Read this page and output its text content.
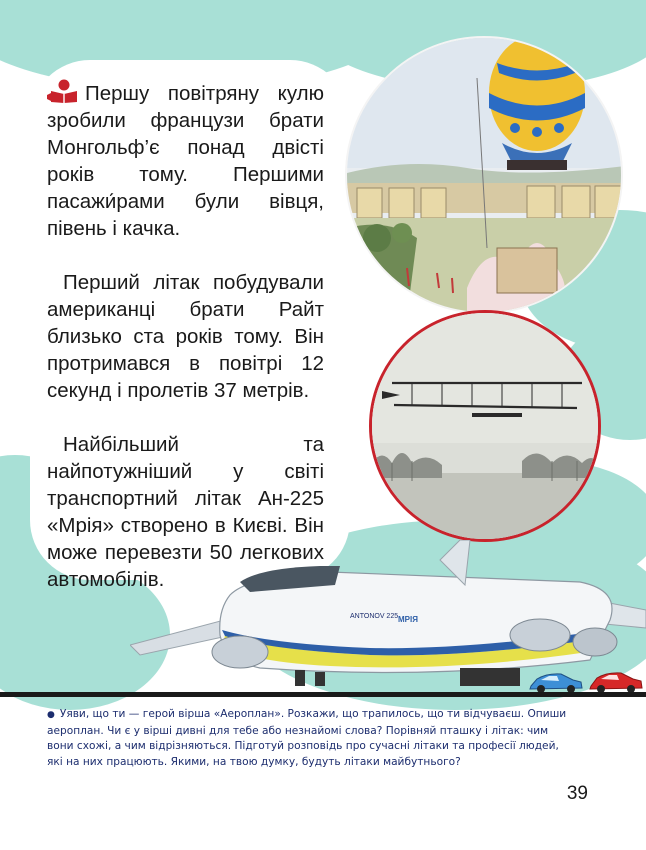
Першу повітряну кулю зробили французи брати Монгольф’є понад двісті років тому. Першими пасажи́рами були вівця, півень і качка.

Перший літак побудували американці брати Райт близько ста років тому. Він протримався в повітрі 12 секунд і пролетів 37 метрів.

Найбільший та найпотужніший у світі транспортний літак Ан-225 «Мрія» створено в Києві. Він може перевезти 50 легкових автомобілів.

ANTONOV 225 МРІЯ
● Уяви, що ти — герой вірша «Аероплан». Розкажи, що трапилось, що ти відчуваєш. Опиши аероплан. Чи є у вірші дивні для тебе або незнайомі слова? Порівняй пташку і літак: чим вони схожі, а чим відрізняються. Підготуй розповідь про сучасні літаки та професії людей, які на них працюють. Якими, на твою думку, будуть літаки майбутнього?
39
